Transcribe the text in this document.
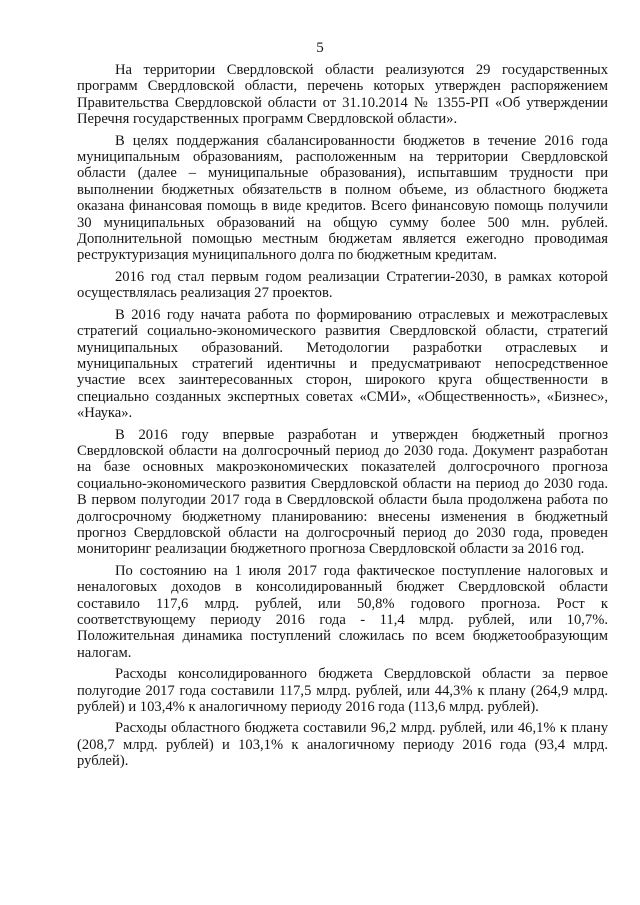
5

На территории Свердловской области реализуются 29 государственных программ Свердловской области, перечень которых утвержден распоряжением Правительства Свердловской области от 31.10.2014 № 1355-РП «Об утверждении Перечня государственных программ Свердловской области».

В целях поддержания сбалансированности бюджетов в течение 2016 года муниципальным образованиям, расположенным на территории Свердловской области (далее – муниципальные образования), испытавшим трудности при выполнении бюджетных обязательств в полном объеме, из областного бюджета оказана финансовая помощь в виде кредитов. Всего финансовую помощь получили 30 муниципальных образований на общую сумму более 500 млн. рублей. Дополнительной помощью местным бюджетам является ежегодно проводимая реструктуризация муниципального долга по бюджетным кредитам.

2016 год стал первым годом реализации Стратегии-2030, в рамках которой осуществлялась реализация 27 проектов.

В 2016 году начата работа по формированию отраслевых и межотраслевых стратегий социально-экономического развития Свердловской области, стратегий муниципальных образований. Методологии разработки отраслевых и муниципальных стратегий идентичны и предусматривают непосредственное участие всех заинтересованных сторон, широкого круга общественности в специально созданных экспертных советах «СМИ», «Общественность», «Бизнес», «Наука».

В 2016 году впервые разработан и утвержден бюджетный прогноз Свердловской области на долгосрочный период до 2030 года. Документ разработан на базе основных макроэкономических показателей долгосрочного прогноза социально-экономического развития Свердловской области на период до 2030 года. В первом полугодии 2017 года в Свердловской области была продолжена работа по долгосрочному бюджетному планированию: внесены изменения в бюджетный прогноз Свердловской области на долгосрочный период до 2030 года, проведен мониторинг реализации бюджетного прогноза Свердловской области за 2016 год.

По состоянию на 1 июля 2017 года фактическое поступление налоговых и неналоговых доходов в консолидированный бюджет Свердловской области составило 117,6 млрд. рублей, или 50,8% годового прогноза. Рост к соответствующему периоду 2016 года - 11,4 млрд. рублей, или 10,7%. Положительная динамика поступлений сложилась по всем бюджетообразующим налогам.

Расходы консолидированного бюджета Свердловской области за первое полугодие 2017 года составили 117,5 млрд. рублей, или 44,3% к плану (264,9 млрд. рублей) и 103,4% к аналогичному периоду 2016 года (113,6 млрд. рублей).

Расходы областного бюджета составили 96,2 млрд. рублей, или 46,1% к плану (208,7 млрд. рублей) и 103,1% к аналогичному периоду 2016 года (93,4 млрд. рублей).
